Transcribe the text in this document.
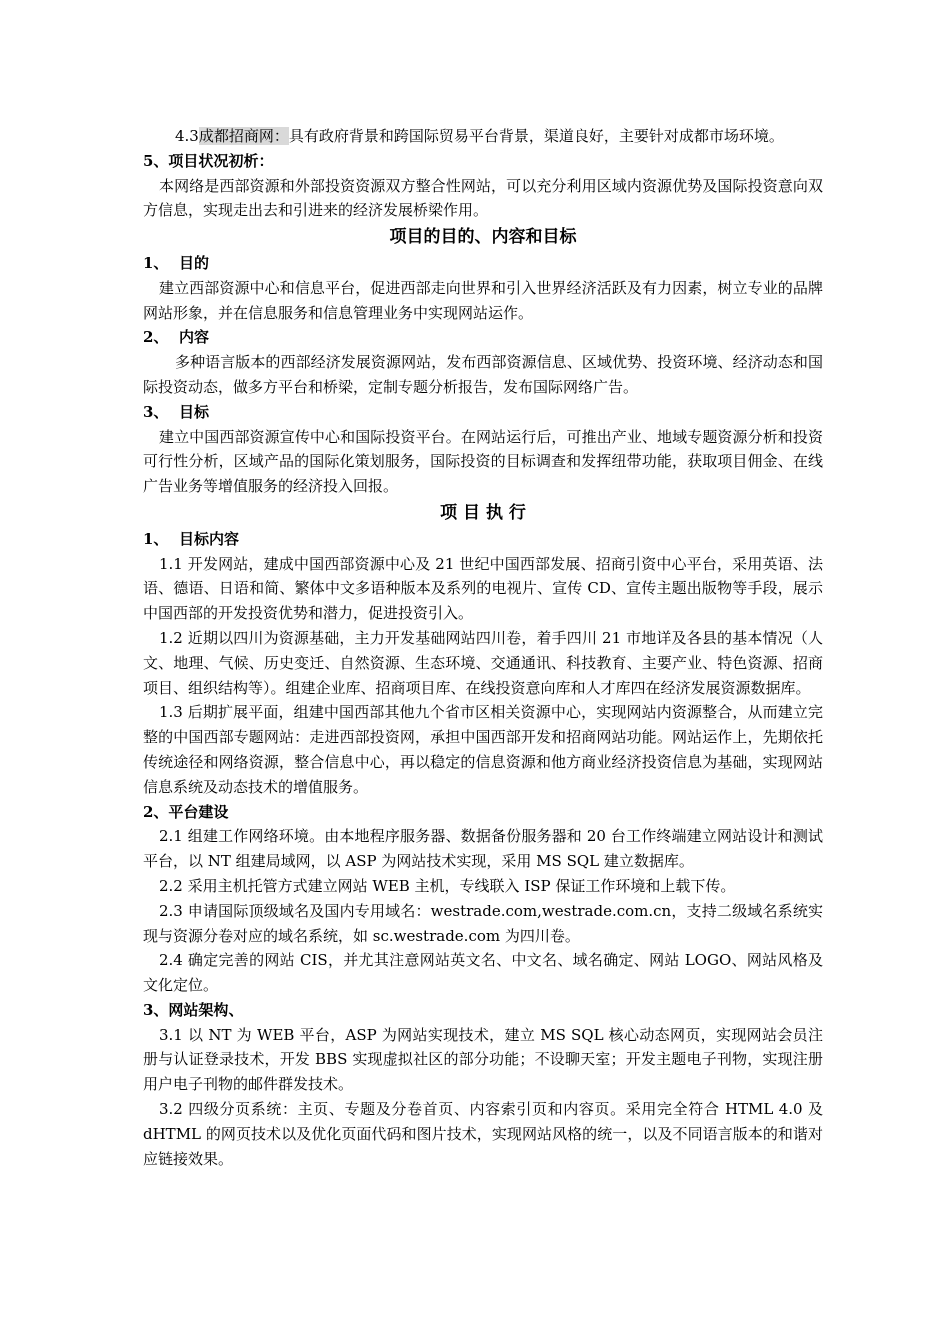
4.3成都招商网：具有政府背景和跨国际贸易平台背景，渠道良好，主要针对成都市场环境。

5、项目状况初析：

本网络是西部资源和外部投资资源双方整合性网站，可以充分利用区域内资源优势及国际投资意向双方信息，实现走出去和引进来的经济发展桥梁作用。

项目的目的、内容和目标

1、 目的

建立西部资源中心和信息平台，促进西部走向世界和引入世界经济活跃及有力因素，树立专业的品牌网站形象，并在信息服务和信息管理业务中实现网站运作。

2、 内容

多种语言版本的西部经济发展资源网站，发布西部资源信息、区域优势、投资环境、经济动态和国际投资动态，做多方平台和桥梁，定制专题分析报告，发布国际网络广告。

3、 目标

建立中国西部资源宣传中心和国际投资平台。在网站运行后，可推出产业、地域专题资源分析和投资可行性分析，区域产品的国际化策划服务，国际投资的目标调查和发挥纽带功能，获取项目佣金、在线广告业务等增值服务的经济投入回报。

项 目 执 行

1、 目标内容

1.1 开发网站，建成中国西部资源中心及 21 世纪中国西部发展、招商引资中心平台，采用英语、法语、德语、日语和简、繁体中文多语种版本及系列的电视片、宣传 CD、宣传主题出版物等手段，展示中国西部的开发投资优势和潜力，促进投资引入。

1.2 近期以四川为资源基础，主力开发基础网站四川卷，着手四川 21 市地详及各县的基本情况（人文、地理、气候、历史变迁、自然资源、生态环境、交通通讯、科技教育、主要产业、特色资源、招商项目、组织结构等）。组建企业库、招商项目库、在线投资意向库和人才库四在经济发展资源数据库。

1.3 后期扩展平面，组建中国西部其他九个省市区相关资源中心，实现网站内资源整合，从而建立完整的中国西部专题网站：走进西部投资网，承担中国西部开发和招商网站功能。网站运作上，先期依托传统途径和网络资源，整合信息中心，再以稳定的信息资源和他方商业经济投资信息为基础，实现网站信息系统及动态技术的增值服务。

2、平台建设

2.1 组建工作网络环境。由本地程序服务器、数据备份服务器和 20 台工作终端建立网站设计和测试平台，以 NT 组建局域网，以 ASP 为网站技术实现，采用 MS SQL 建立数据库。

2.2 采用主机托管方式建立网站 WEB 主机，专线联入 ISP 保证工作环境和上载下传。

2.3 申请国际顶级域名及国内专用域名：westrade.com,westrade.com.cn，支持二级域名系统实现与资源分卷对应的域名系统，如 sc.westrade.com 为四川卷。

2.4 确定完善的网站 CIS，并尤其注意网站英文名、中文名、域名确定、网站 LOGO、网站风格及文化定位。

3、网站架构、

3.1 以 NT 为 WEB 平台，ASP 为网站实现技术，建立 MS SQL 核心动态网页，实现网站会员注册与认证登录技术，开发 BBS 实现虚拟社区的部分功能；不设聊天室；开发主题电子刊物，实现注册用户电子刊物的邮件群发技术。

3.2 四级分页系统：主页、专题及分卷首页、内容索引页和内容页。采用完全符合 HTML 4.0 及 dHTML 的网页技术以及优化页面代码和图片技术，实现网站风格的统一，以及不同语言版本的和谐对应链接效果。
